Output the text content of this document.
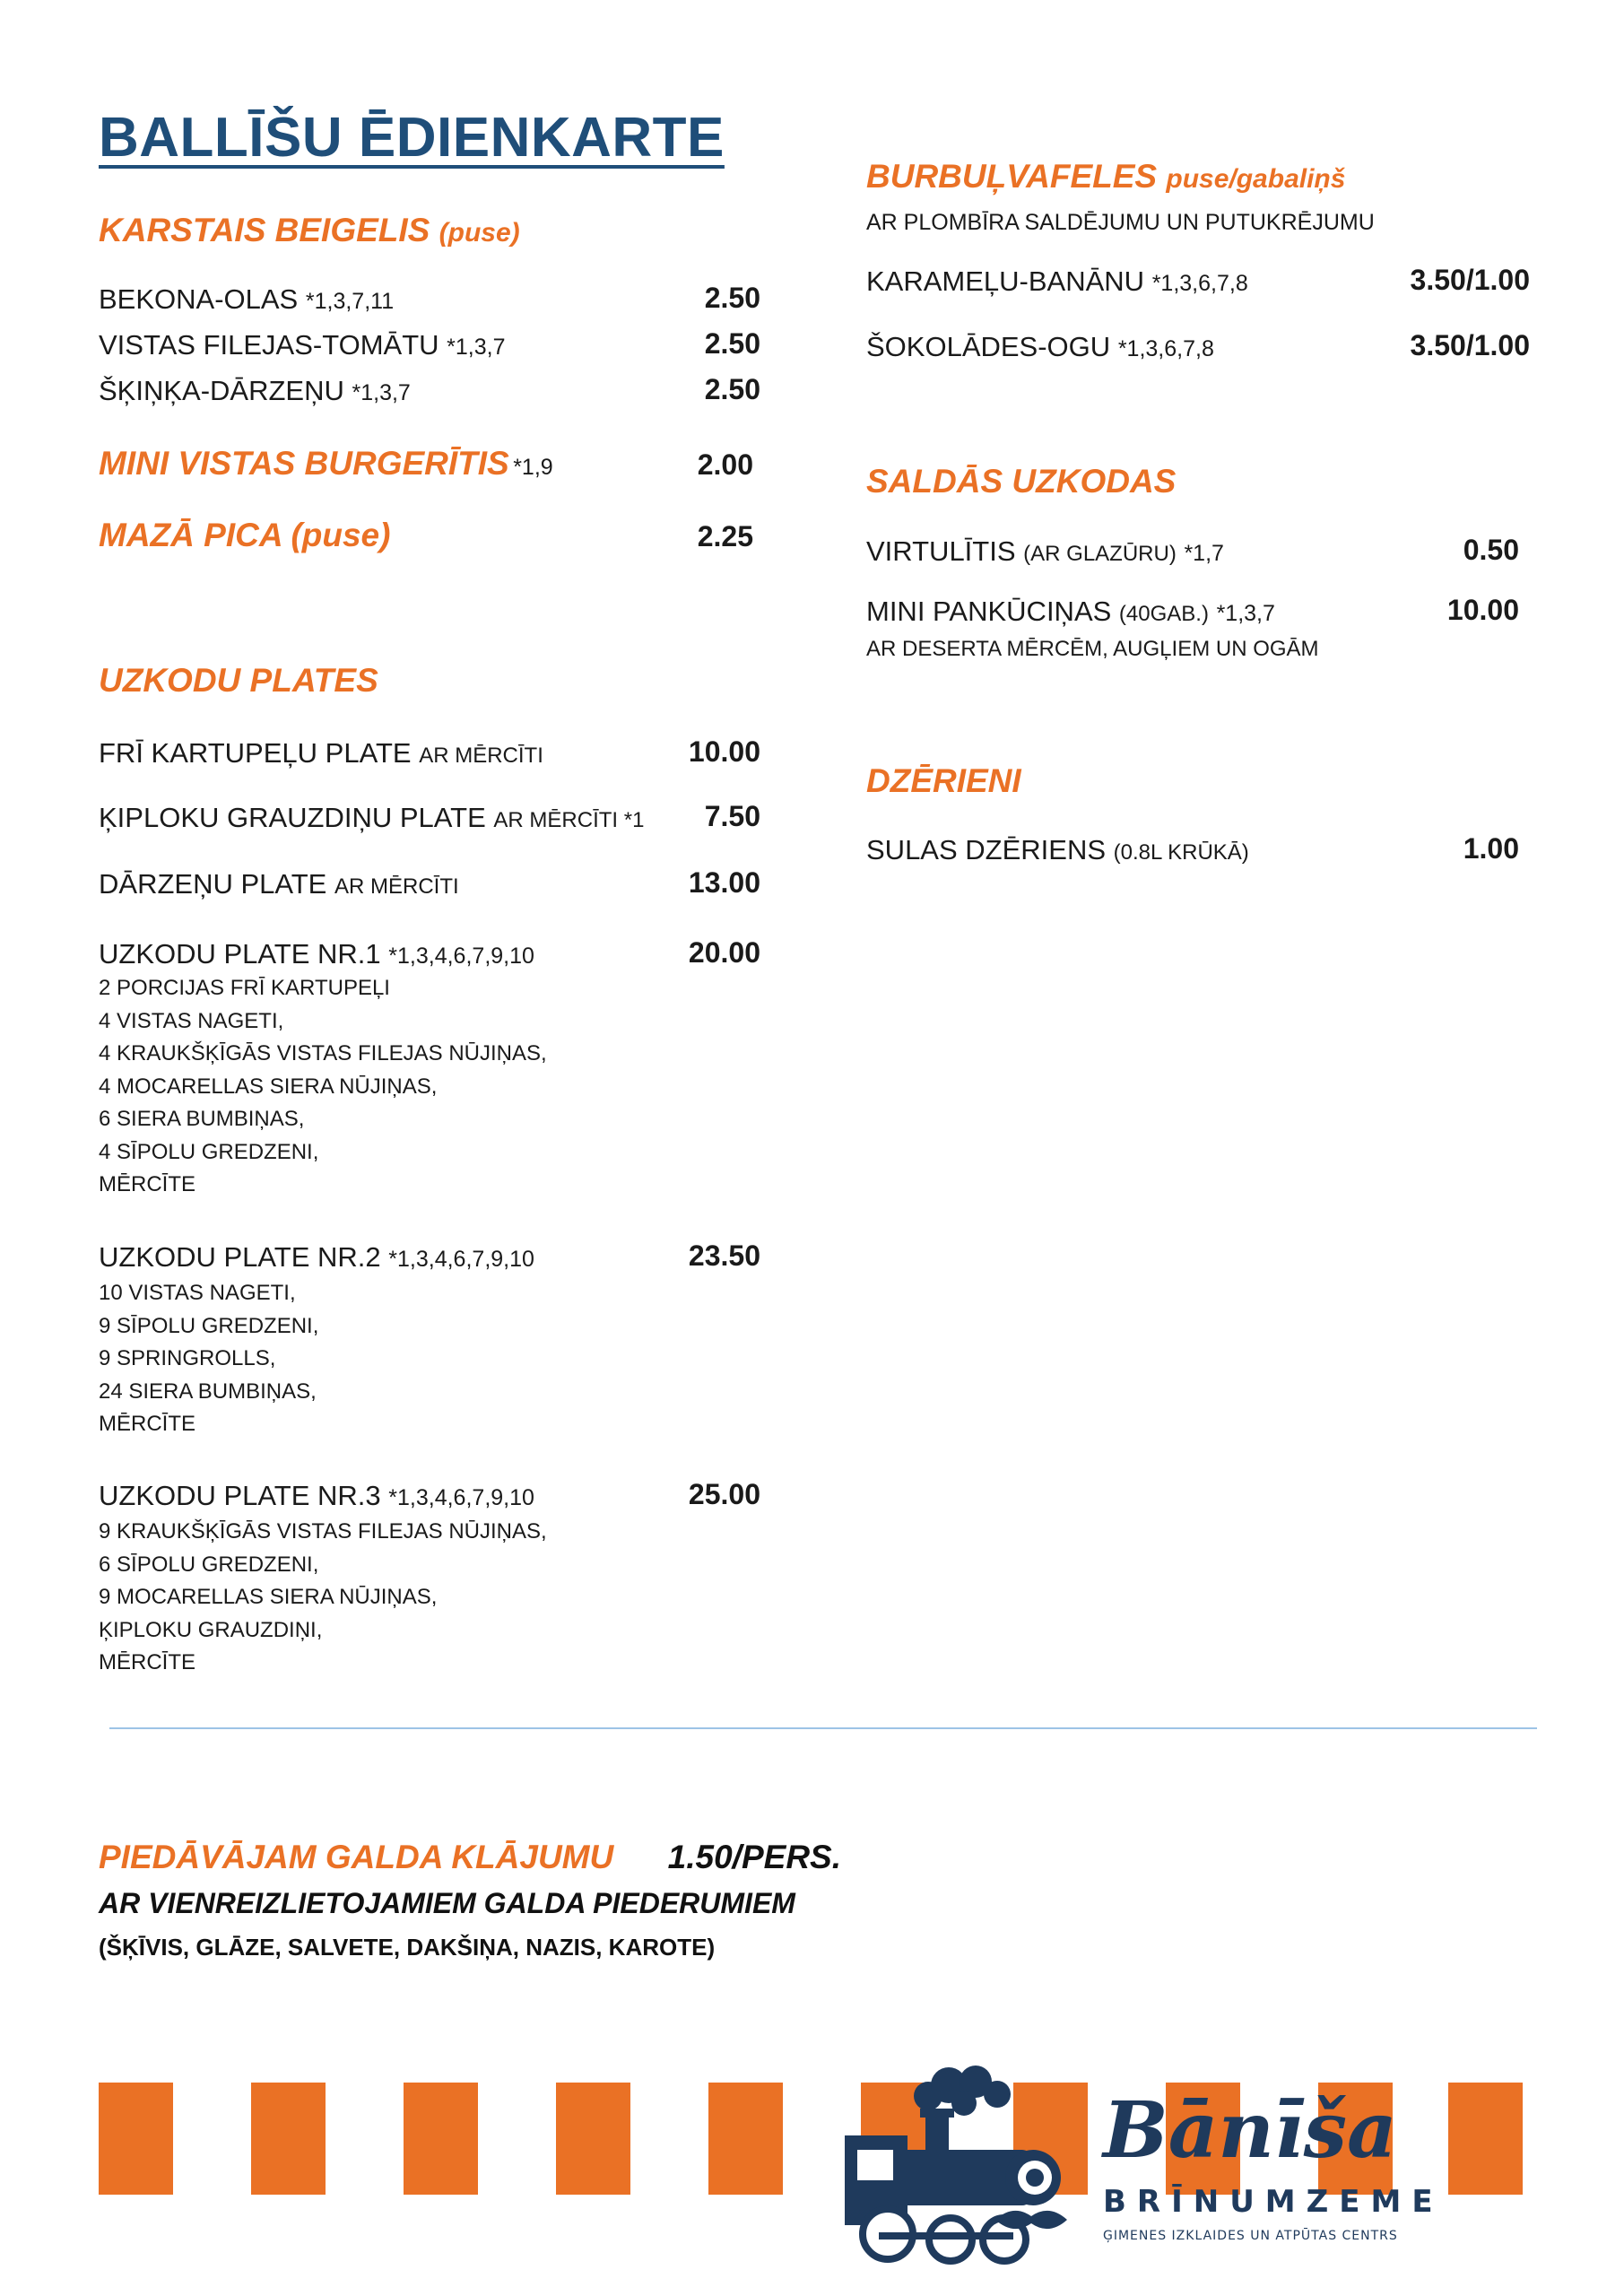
BALLĪŠU ĒDIENKARTE
KARSTAIS BEIGELIS (puse)
BEKONA-OLAS *1,3,7,11	2.50
VISTAS FILEJAS-TOMĀTU *1,3,7	2.50
ŠĶIŅĶA-DĀRZEŅU *1,3,7	2.50
MINI VISTAS BURGERĪTIS *1,9	2.00
MAZĀ PICA (puse)	2.25
UZKODU PLATES
FRĪ KARTUPEĻU PLATE AR MĒRCĪTI	10.00
ĶIPLOKU GRAUZDIŅU PLATE AR MĒRCĪTI *1	7.50
DĀRZEŅU PLATE AR MĒRCĪTI	13.00
UZKODU PLATE NR.1 *1,3,4,6,7,9,10	20.00
2 PORCIJAS FRĪ KARTUPEĻI
4 VISTAS NAGETI,
4 KRAUKŠĶĪGĀS VISTAS FILEJAS NŪJIŅAS,
4 MOCARELLAS SIERA NŪJIŅAS,
6 SIERA BUMBIŅAS,
4 SĪPOLU GREDZENI,
MĒRCĪTE
UZKODU PLATE NR.2 *1,3,4,6,7,9,10	23.50
10 VISTAS NAGETI,
9 SĪPOLU GREDZENI,
9 SPRINGROLLS,
24 SIERA BUMBIŅAS,
MĒRCĪTE
UZKODU PLATE NR.3 *1,3,4,6,7,9,10	25.00
9 KRAUKŠĶĪGĀS VISTAS FILEJAS NŪJIŅAS,
6 SĪPOLU GREDZENI,
9 MOCARELLAS SIERA NŪJIŅAS,
ĶIPLOKU GRAUZDIŅI,
MĒRCĪTE
BURBUĻVAFELES puse/gabaliņš
AR PLOMBĪRA SALDĒJUMU UN PUTUKRĒJUMU
KARAMEĻU-BANĀNU *1,3,6,7,8	3.50/1.00
ŠOKOLĀDES-OGU *1,3,6,7,8	3.50/1.00
SALDĀS UZKODAS
VIRTULĪTIS (AR GLAZŪRU) *1,7	0.50
MINI PANKŪCIŅAS (40GAB.) *1,3,7	10.00
AR DESERTA MĒRCĒM, AUGĻIEM UN OGĀM
DZĒRIENI
SULAS DZĒRIENS (0.8L KRŪKĀ)	1.00
PIEDĀVĀJAM GALDA KLĀJUMU 1.50/PERS.
AR VIENREIZLIETOJAMIEM GALDA PIEDERUMIEM
(ŠĶĪVIS, GLĀZE, SALVETE, DAKŠIŅA, NAZIS, KAROTE)
Bānīša
BRĪNUMZEME
ĢIMENES IZKLAIDES UN ATPŪTAS CENTRS
